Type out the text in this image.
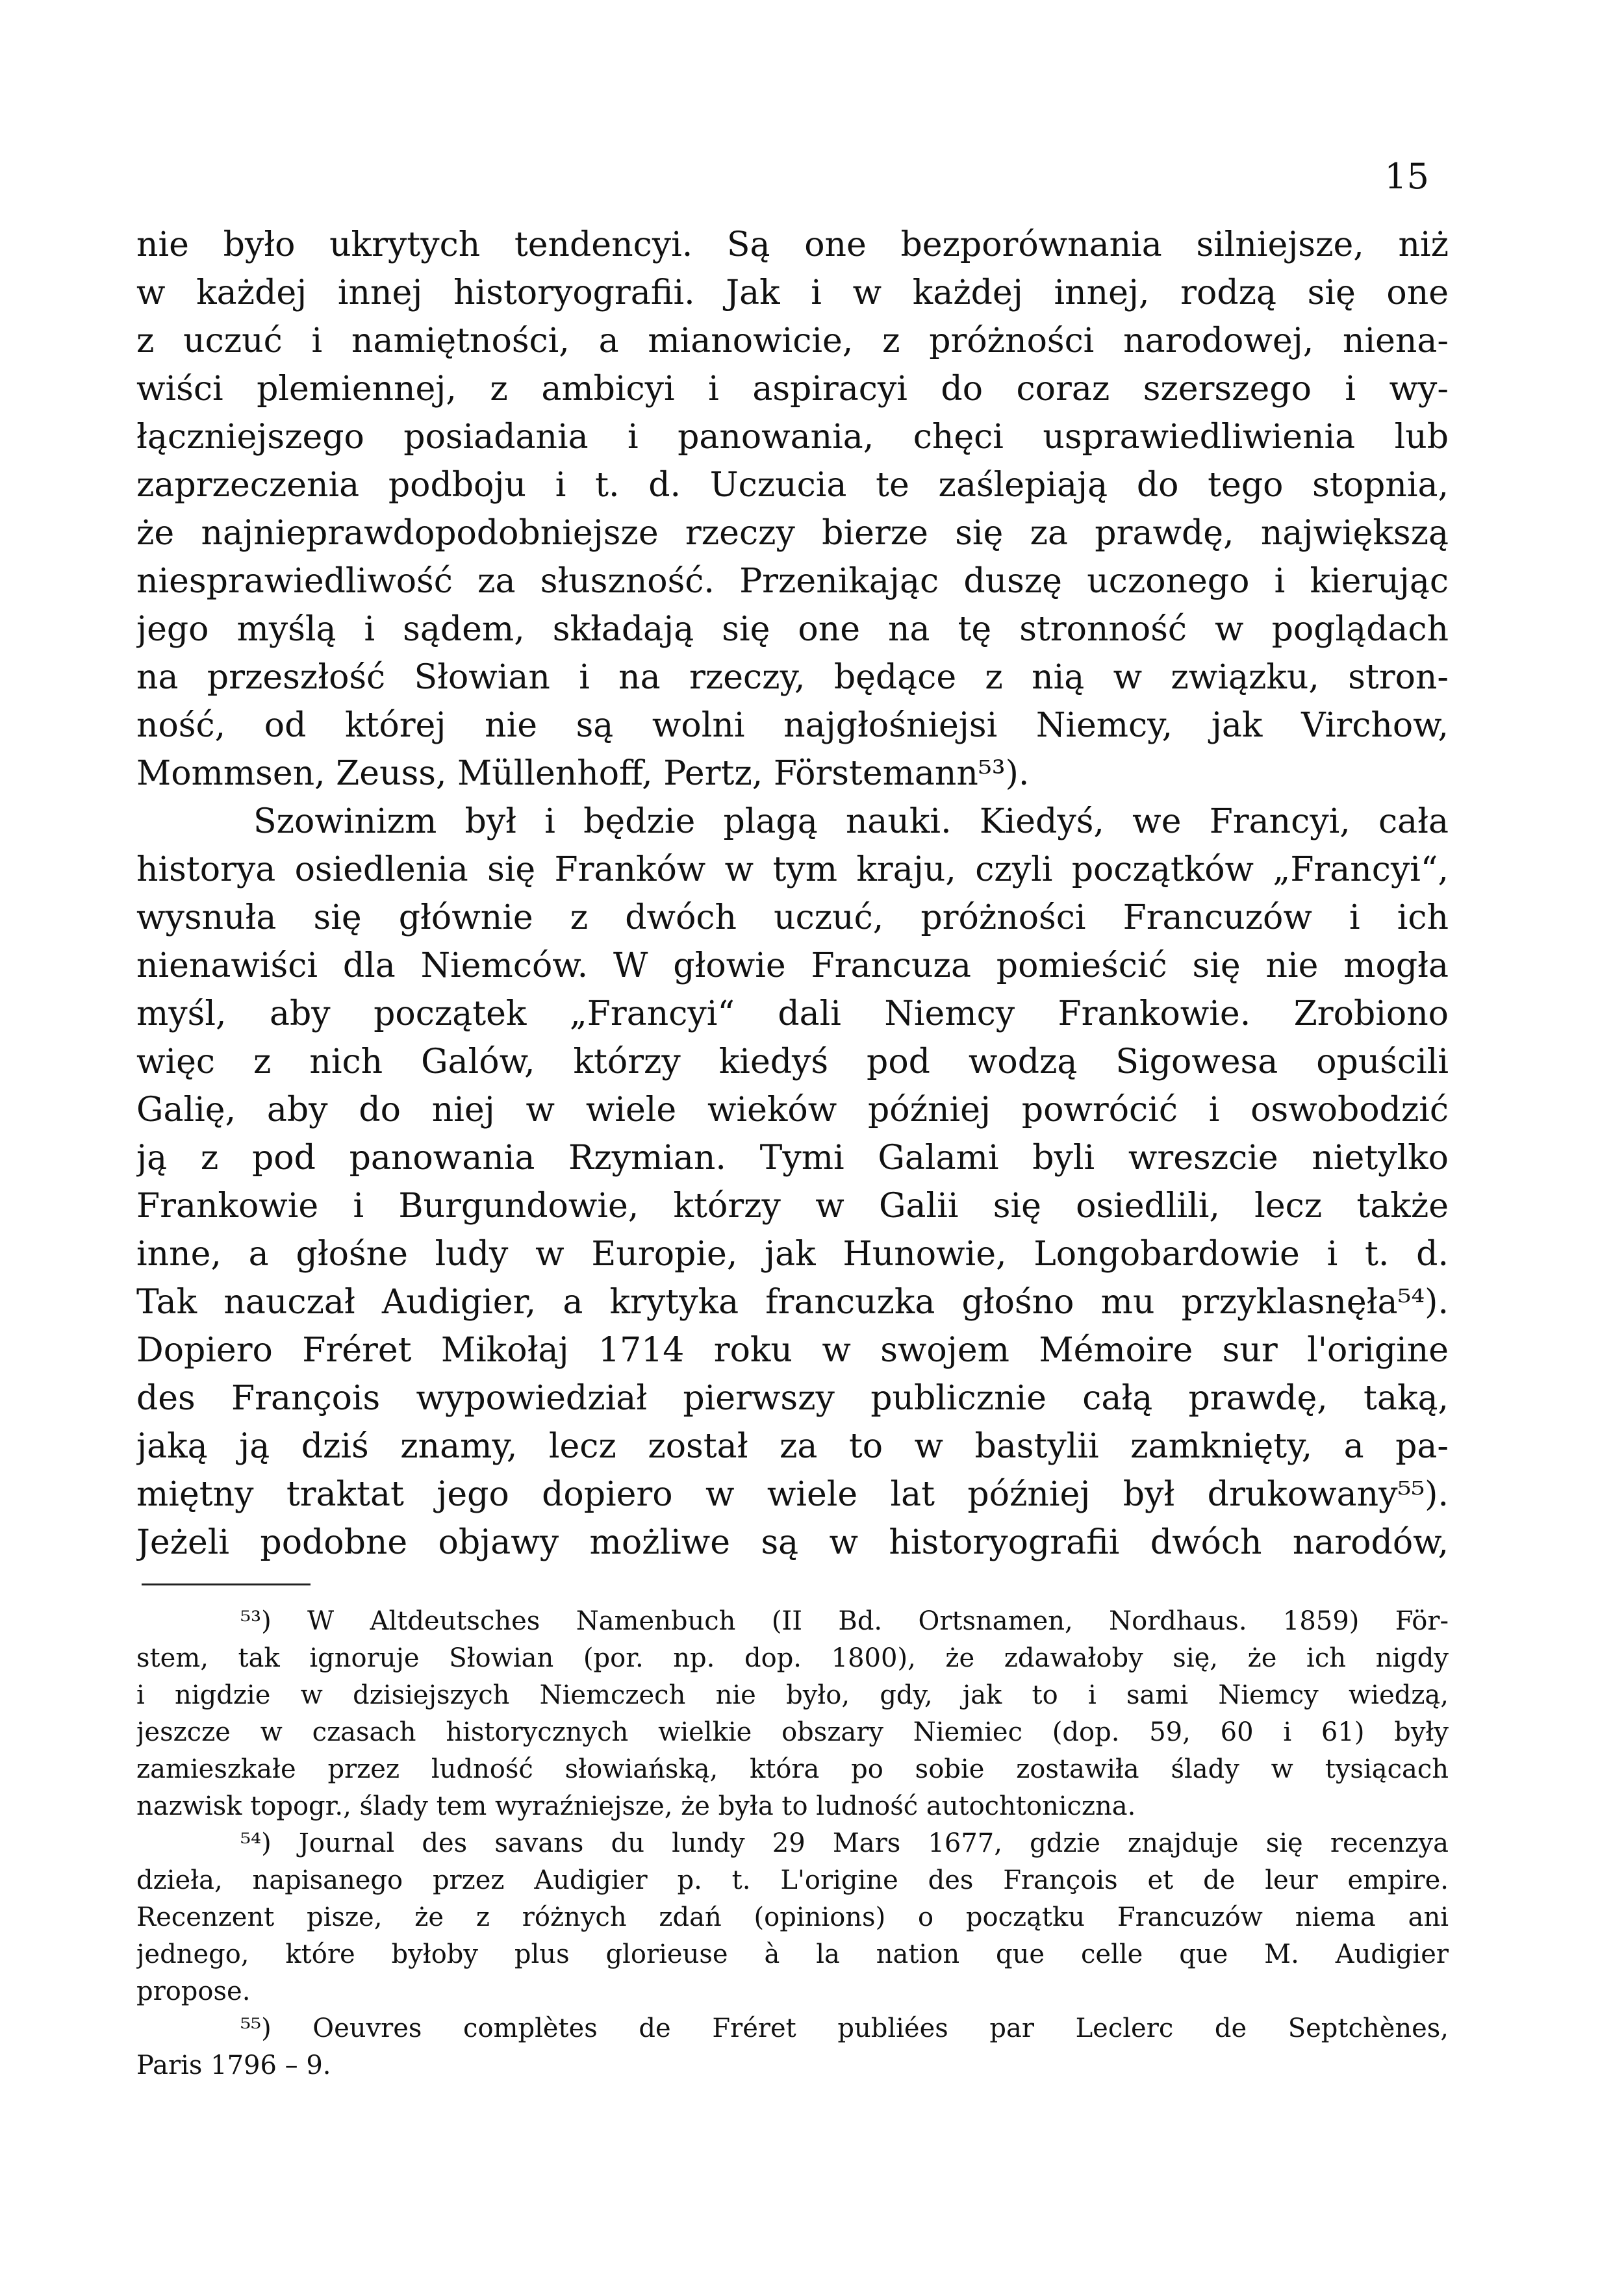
15
nie było ukrytych tendencyi. Są one bezporównania silniejsze, niż
w każdej innej historyografii. Jak i w każdej innej, rodzą się one
z uczuć i namiętności, a mianowicie, z próżności narodowej, niena-
wiści plemiennej, z ambicyi i aspiracyi do coraz szerszego i wy-
łączniejszego posiadania i panowania, chęci usprawiedliwienia lub
zaprzeczenia podboju i t. d. Uczucia te zaślepiają do tego stopnia,
że najnieprawdopodobniejsze rzeczy bierze się za prawdę, największą
niesprawiedliwość za słuszność. Przenikając duszę uczonego i kierując
jego myślą i sądem, składają się one na tę stronność w poglądach
na przeszłość Słowian i na rzeczy, będące z nią w związku, stron-
ność, od której nie są wolni najgłośniejsi Niemcy, jak Virchow,
Mommsen, Zeuss, Müllenhoff, Pertz, Förstemann⁵³).
Szowinizm był i będzie plagą nauki. Kiedyś, we Francyi, cała
historya osiedlenia się Franków w tym kraju, czyli początków „Francyi“,
wysnuła się głównie z dwóch uczuć, próżności Francuzów i ich
nienawiści dla Niemców. W głowie Francuza pomieścić się nie mogła
myśl, aby początek „Francyi“ dali Niemcy Frankowie. Zrobiono
więc z nich Galów, którzy kiedyś pod wodzą Sigowesa opuścili
Galię, aby do niej w wiele wieków później powrócić i oswobodzić
ją z pod panowania Rzymian. Tymi Galami byli wreszcie nietylko
Frankowie i Burgundowie, którzy w Galii się osiedlili, lecz także
inne, a głośne ludy w Europie, jak Hunowie, Longobardowie i t. d.
Tak nauczał Audigier, a krytyka francuzka głośno mu przyklasnęła⁵⁴).
Dopiero Fréret Mikołaj 1714 roku w swojem Mémoire sur l'origine
des François wypowiedział pierwszy publicznie całą prawdę, taką,
jaką ją dziś znamy, lecz został za to w bastylii zamknięty, a pa-
miętny traktat jego dopiero w wiele lat później był drukowany⁵⁵).
Jeżeli podobne objawy możliwe są w historyografii dwóch narodów,
⁵³) W Altdeutsches Namenbuch (II Bd. Ortsnamen, Nordhaus. 1859) För-
stem, tak ignoruje Słowian (por. np. dop. 1800), że zdawałoby się, że ich nigdy
i nigdzie w dzisiejszych Niemczech nie było, gdy, jak to i sami Niemcy wiedzą,
jeszcze w czasach historycznych wielkie obszary Niemiec (dop. 59, 60 i 61) były
zamieszkałe przez ludność słowiańską, która po sobie zostawiła ślady w tysiącach
nazwisk topogr., ślady tem wyraźniejsze, że była to ludność autochtoniczna.
⁵⁴) Journal des savans du lundy 29 Mars 1677, gdzie znajduje się recenzya
dzieła, napisanego przez Audigier p. t. L'origine des François et de leur empire.
Recenzent pisze, że z różnych zdań (opinions) o początku Francuzów niema ani
jednego, które byłoby plus glorieuse à la nation que celle que M. Audigier
propose.
⁵⁵) Oeuvres complètes de Fréret publiées par Leclerc de Septchènes,
Paris 1796 – 9.
